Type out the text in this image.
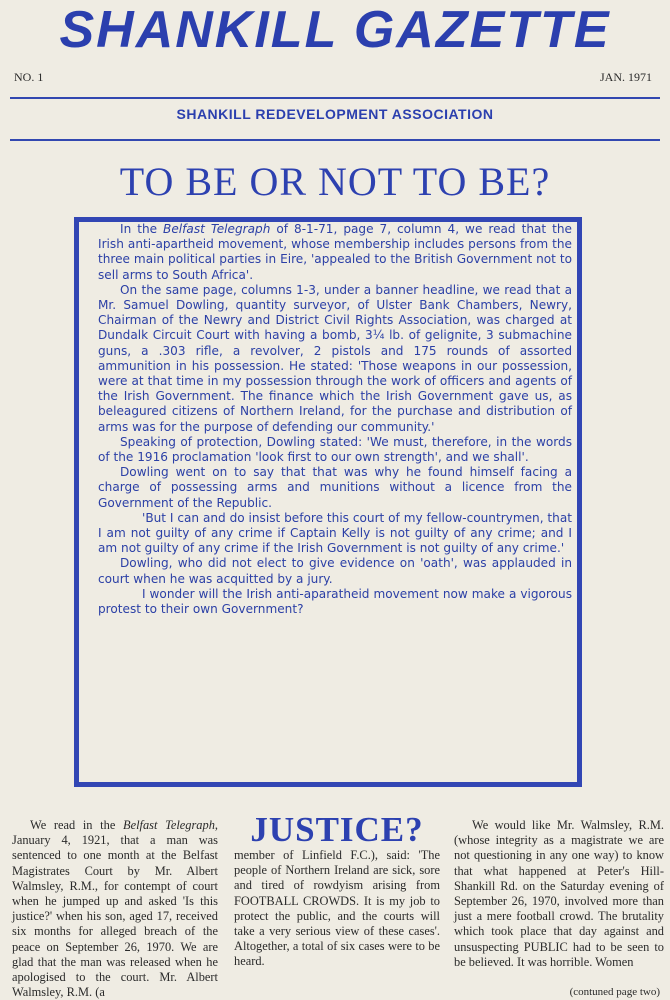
SHANKILL GAZETTE
NO. 1	JAN. 1971
SHANKILL REDEVELOPMENT ASSOCIATION
TO BE OR NOT TO BE?

In the Belfast Telegraph of 8-1-71, page 7, column 4, we read that the Irish anti-apartheid movement, whose membership includes persons from the three main political parties in Eire, 'appealed to the British Government not to sell arms to South Africa'.

On the same page, columns 1-3, under a banner headline, we read that a Mr. Samuel Dowling, quantity surveyor, of Ulster Bank Chambers, Newry, Chairman of the Newry and District Civil Rights Association, was charged at Dundalk Circuit Court with having a bomb, 3¼ lb. of gelignite, 3 submachine guns, a .303 rifle, a revolver, 2 pistols and 175 rounds of assorted ammunition in his possession. He stated: 'Those weapons in our possession, were at that time in my possession through the work of officers and agents of the Irish Government. The finance which the Irish Government gave us, as beleagured citizens of Northern Ireland, for the purchase and distribution of arms was for the purpose of defending our community.'

Speaking of protection, Dowling stated: 'We must, therefore, in the words of the 1916 proclamation 'look first to our own strength', and we shall'.

Dowling went on to say that that was why he found himself facing a charge of possessing arms and munitions without a licence from the Government of the Republic.

'But I can and do insist before this court of my fellow-countrymen, that I am not guilty of any crime if Captain Kelly is not guilty of any crime; and I am not guilty of any crime if the Irish Government is not guilty of any crime.'

Dowling, who did not elect to give evidence on 'oath', was applauded in court when he was acquitted by a jury.

I wonder will the Irish anti-aparatheid movement now make a vigorous protest to their own Government?

We read in the Belfast Telegraph, January 4, 1921, that a man was sentenced to one month at the Belfast Magistrates Court by Mr. Albert Walmsley, R.M., for contempt of court when he jumped up and asked 'Is this justice?' when his son, aged 17, received six months for alleged breach of the peace on September 26, 1970. We are glad that the man was released when he apologised to the court. Mr. Albert Walmsley, R.M. (a

JUSTICE?

member of Linfield F.C.), said: 'The people of Northern Ireland are sick, sore and tired of rowdyism arising from FOOTBALL CROWDS. It is my job to protect the public, and the courts will take a very serious view of these cases'. Altogether, a total of six cases were to be heard.

We would like Mr. Walmsley, R.M. (whose integrity as a magistrate we are not questioning in any one way) to know that what happened at Peter's Hill-Shankill Rd. on the Saturday evening of September 26, 1970, involved more than just a mere football crowd. The brutality which took place that day against and unsuspecting PUBLIC had to be seen to be believed. It was horrible. Women

(contuned page two)
